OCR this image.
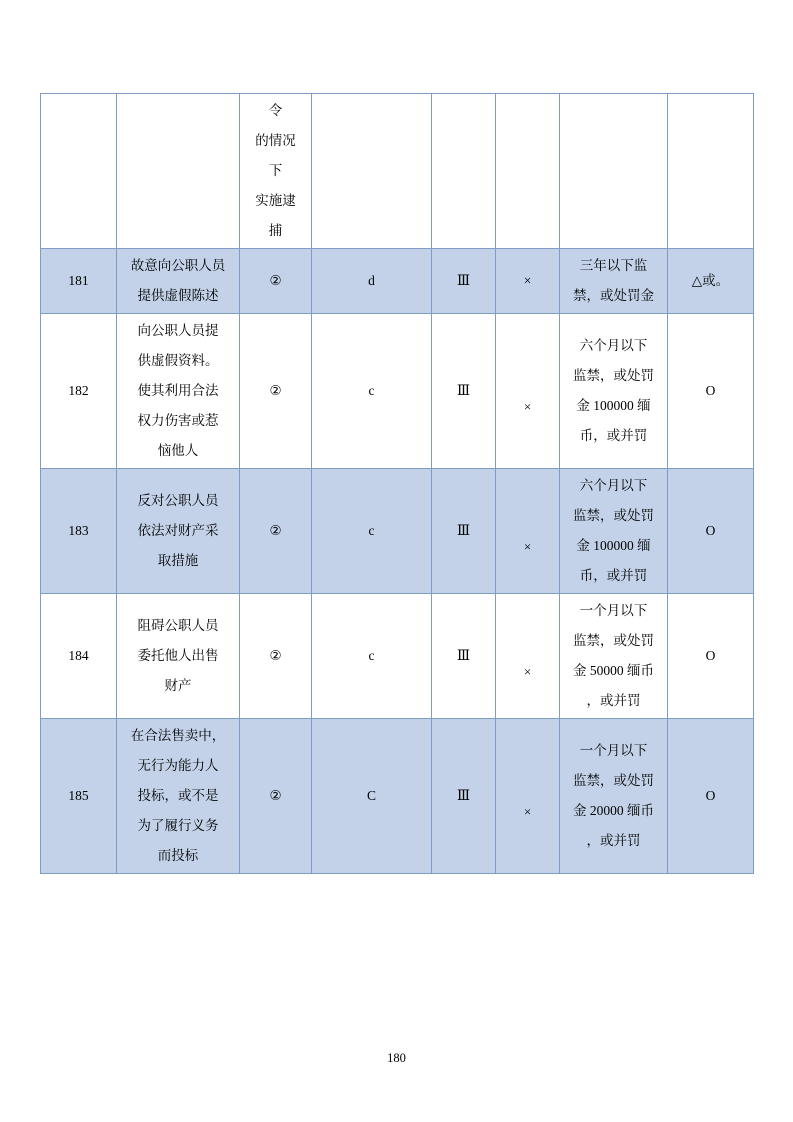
		令
的情况
下
实施逮
捕					

181	故意向公职人员
提供虚假陈述	②	d	Ⅲ	×	三年以下监
禁，或处罚金	△或。
182	向公职人员提
供虚假资料。
使其利用合法
权力伤害或惹
恼他人	②	c	Ⅲ	×	六个月以下
监禁，或处罚
金 100000 缅
币，或并罚	O
183	反对公职人员
依法对财产采
取措施	②	c	Ⅲ	×	六个月以下
监禁，或处罚
金 100000 缅
币，或并罚	O
184	阻碍公职人员
委托他人出售
财产	②	c	Ⅲ	×	一个月以下
监禁，或处罚
金 50000 缅币
，或并罚	O
185	在合法售卖中，
无行为能力人
投标，或不是
为了履行义务
而投标	②	C	Ⅲ	×	一个月以下
监禁，或处罚
金 20000 缅币
，或并罚	O
180
